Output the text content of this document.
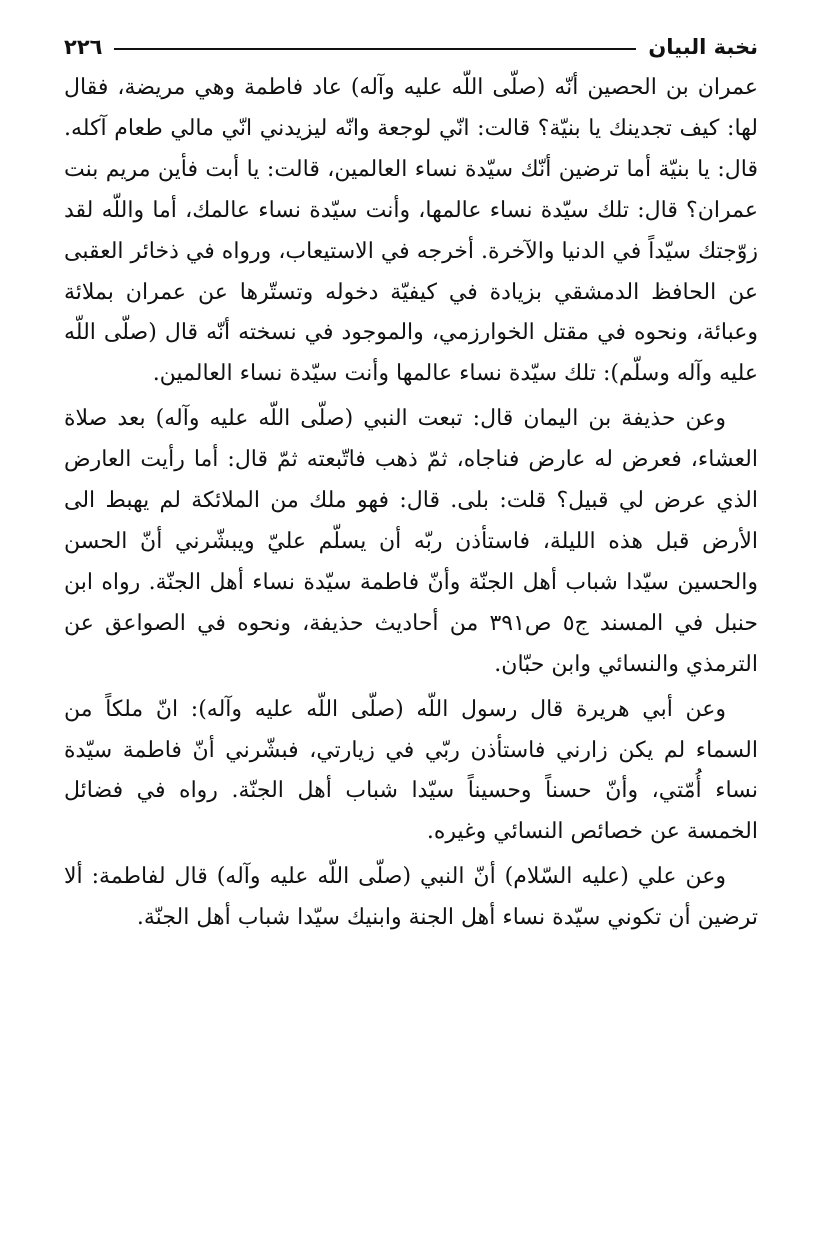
نخبة البيان
٢٢٦

عمران بن الحصين أنّه (صلّى اللّه عليه وآله) عاد فاطمة وهي مريضة، فقال لها: كيف تجدينك يا بنيّة؟ قالت: انّي لوجعة وانّه ليزيدني انّي مالي طعام آكله. قال: يا بنيّة أما ترضين أنّك سيّدة نساء العالمين، قالت: يا أبت فأين مريم بنت عمران؟ قال: تلك سيّدة نساء عالمها، وأنت سيّدة نساء عالمك، أما واللّه لقد زوّجتك سيّداً في الدنيا والآخرة. أخرجه في الاستيعاب، ورواه في ذخائر العقبى عن الحافظ الدمشقي بزيادة في كيفيّة دخوله وتستّرها عن عمران بملائة وعبائة، ونحوه في مقتل الخوارزمي، والموجود في نسخته أنّه قال (صلّى اللّه عليه وآله وسلّم): تلك سيّدة نساء عالمها وأنت سيّدة نساء العالمين.

وعن حذيفة بن اليمان قال: تبعت النبي (صلّى اللّه عليه وآله) بعد صلاة العشاء، فعرض له عارض فناجاه، ثمّ ذهب فاتّبعته ثمّ قال: أما رأيت العارض الذي عرض لي قبيل؟ قلت: بلى. قال: فهو ملك من الملائكة لم يهبط الى الأرض قبل هذه الليلة، فاستأذن ربّه أن يسلّم عليّ ويبشّرني أنّ الحسن والحسين سيّدا شباب أهل الجنّة وأنّ فاطمة سيّدة نساء أهل الجنّة. رواه ابن حنبل في المسند ج٥ ص٣٩١ من أحاديث حذيفة، ونحوه في الصواعق عن الترمذي والنسائي وابن حبّان.

وعن أبي هريرة قال رسول اللّه (صلّى اللّه عليه وآله): انّ ملكاً من السماء لم يكن زارني فاستأذن ربّي في زيارتي، فبشّرني أنّ فاطمة سيّدة نساء أُمّتي، وأنّ حسناً وحسيناً سيّدا شباب أهل الجنّة. رواه في فضائل الخمسة عن خصائص النسائي وغيره.

وعن علي (عليه السّلام) أنّ النبي (صلّى اللّه عليه وآله) قال لفاطمة: ألا ترضين أن تكوني سيّدة نساء أهل الجنة وابنيك سيّدا شباب أهل الجنّة.
